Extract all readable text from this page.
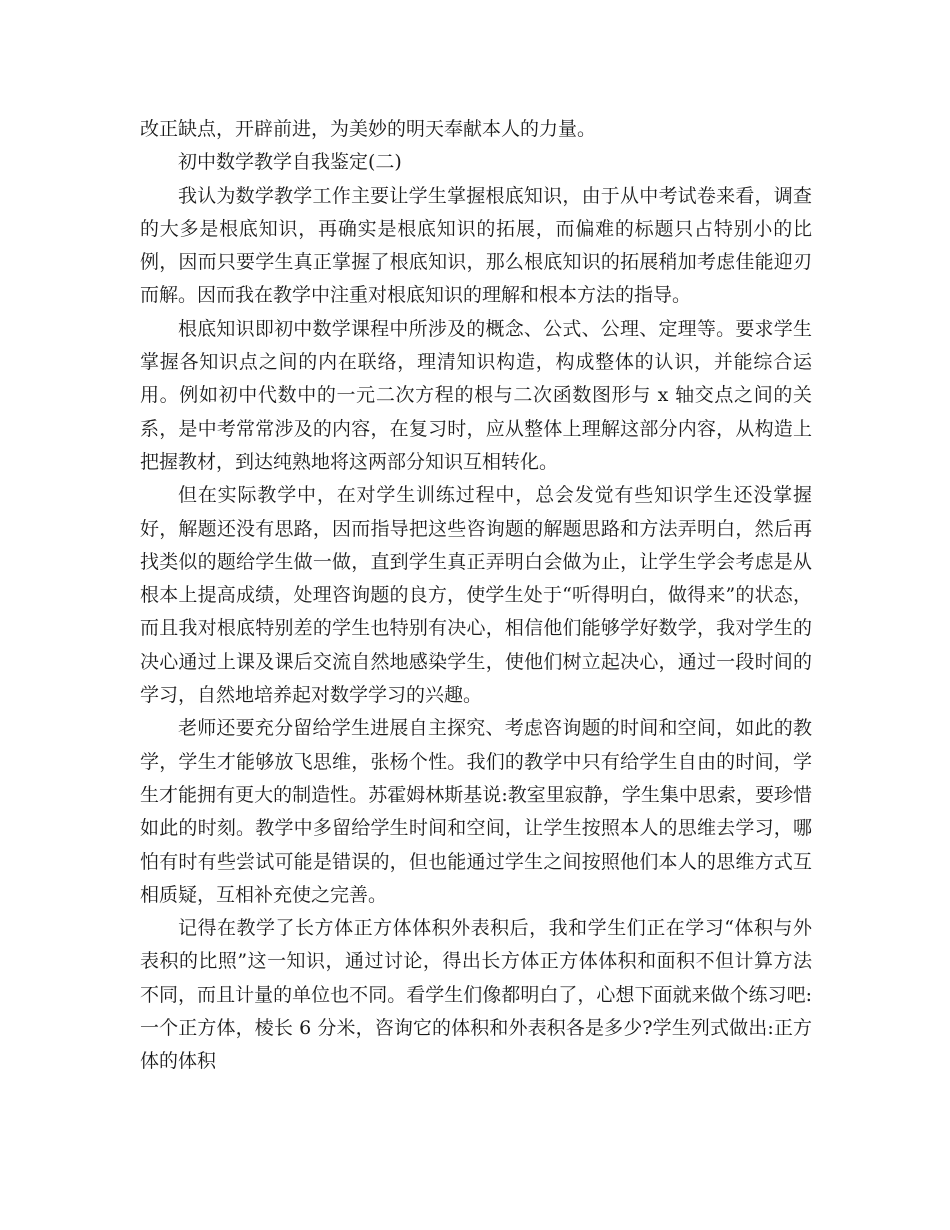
改正缺点，开辟前进，为美妙的明天奉献本人的力量。

初中数学教学自我鉴定(二)

我认为数学教学工作主要让学生掌握根底知识，由于从中考试卷来看，调查的大多是根底知识，再确实是根底知识的拓展，而偏难的标题只占特别小的比例，因而只要学生真正掌握了根底知识，那么根底知识的拓展稍加考虑佳能迎刃而解。因而我在教学中注重对根底知识的理解和根本方法的指导。

根底知识即初中数学课程中所涉及的概念、公式、公理、定理等。要求学生掌握各知识点之间的内在联络，理清知识构造，构成整体的认识，并能综合运用。例如初中代数中的一元二次方程的根与二次函数图形与 x 轴交点之间的关系，是中考常常涉及的内容，在复习时，应从整体上理解这部分内容，从构造上把握教材，到达纯熟地将这两部分知识互相转化。

但在实际教学中，在对学生训练过程中，总会发觉有些知识学生还没掌握好，解题还没有思路，因而指导把这些咨询题的解题思路和方法弄明白，然后再找类似的题给学生做一做，直到学生真正弄明白会做为止，让学生学会考虑是从根本上提高成绩，处理咨询题的良方，使学生处于“听得明白，做得来”的状态，而且我对根底特别差的学生也特别有决心，相信他们能够学好数学，我对学生的决心通过上课及课后交流自然地感染学生，使他们树立起决心，通过一段时间的学习，自然地培养起对数学学习的兴趣。

老师还要充分留给学生进展自主探究、考虑咨询题的时间和空间，如此的教学，学生才能够放飞思维，张杨个性。我们的教学中只有给学生自由的时间，学生才能拥有更大的制造性。苏霍姆林斯基说:教室里寂静，学生集中思索，要珍惜如此的时刻。教学中多留给学生时间和空间，让学生按照本人的思维去学习，哪怕有时有些尝试可能是错误的，但也能通过学生之间按照他们本人的思维方式互相质疑，互相补充使之完善。

记得在教学了长方体正方体体积外表积后，我和学生们正在学习“体积与外表积的比照”这一知识，通过讨论，得出长方体正方体体积和面积不但计算方法不同，而且计量的单位也不同。看学生们像都明白了，心想下面就来做个练习吧:一个正方体，棱长 6 分米，咨询它的体积和外表积各是多少?学生列式做出:正方体的体积
